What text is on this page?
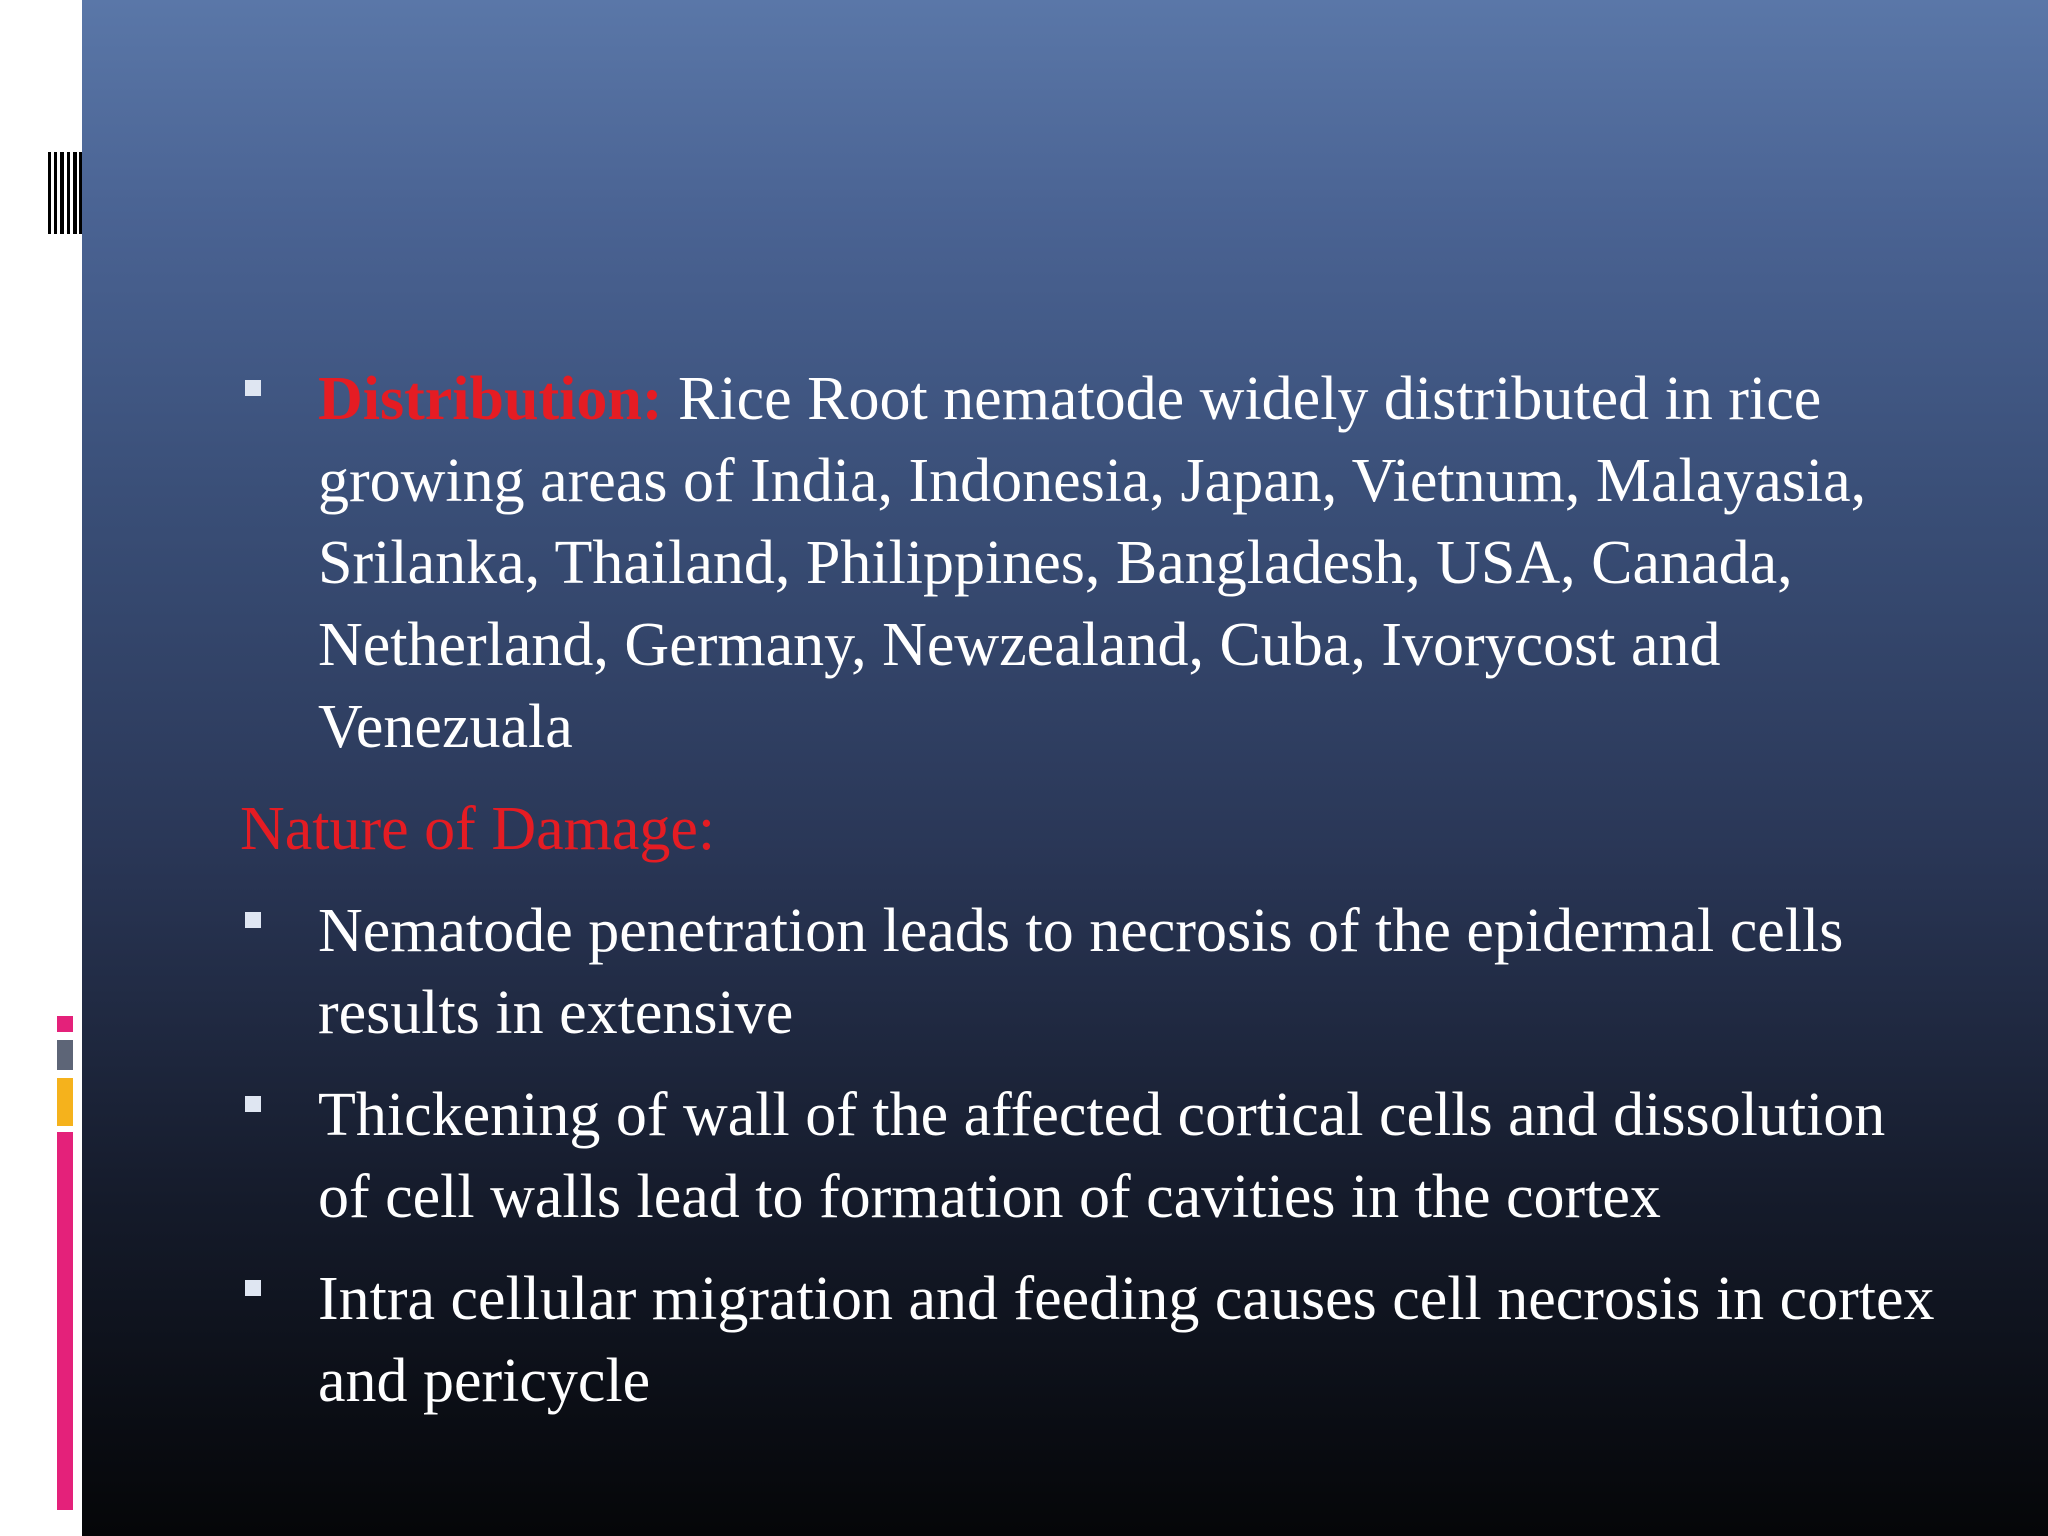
Distribution: Rice Root nematode widely distributed in rice growing areas of India, Indonesia, Japan, Vietnum, Malayasia, Srilanka, Thailand, Philippines, Bangladesh, USA, Canada, Netherland, Germany, Newzealand, Cuba, Ivorycost and Venezuala
Nature of Damage:
Nematode penetration leads to necrosis of the epidermal cells results in extensive
Thickening of wall of the affected cortical cells and dissolution of cell walls lead to formation of cavities in the cortex
Intra cellular migration and feeding causes cell necrosis in cortex and pericycle
